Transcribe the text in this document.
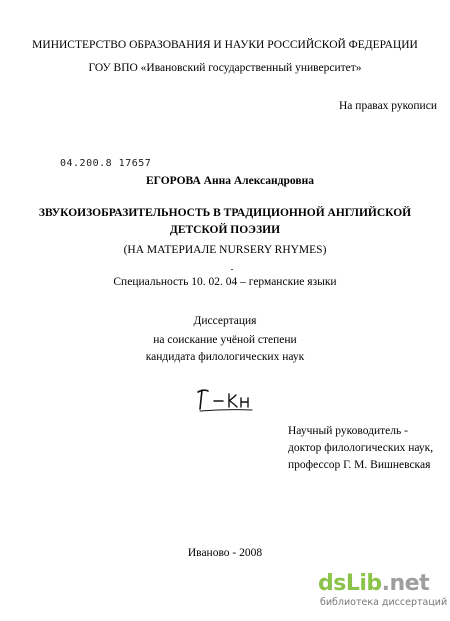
МИНИСТЕРСТВО ОБРАЗОВАНИЯ И НАУКИ РОССИЙСКОЙ ФЕДЕРАЦИИ
ГОУ ВПО «Ивановский государственный университет»
На правах рукописи
04.200.8 17657
ЕГОРОВА Анна Александровна
ЗВУКОИЗОБРАЗИТЕЛЬНОСТЬ В ТРАДИЦИОННОЙ АНГЛИЙСКОЙ
ДЕТСКОЙ ПОЭЗИИ
(НА МАТЕРИАЛЕ NURSERY RHYMES)
Специальность 10. 02. 04 – германские языки
Диссертация
на соискание учёной степени
кандидата филологических наук
Научный руководитель -
доктор филологических наук,
профессор Г. М. Вишневская
Иваново - 2008
dsLib.net
библиотека диссертаций
